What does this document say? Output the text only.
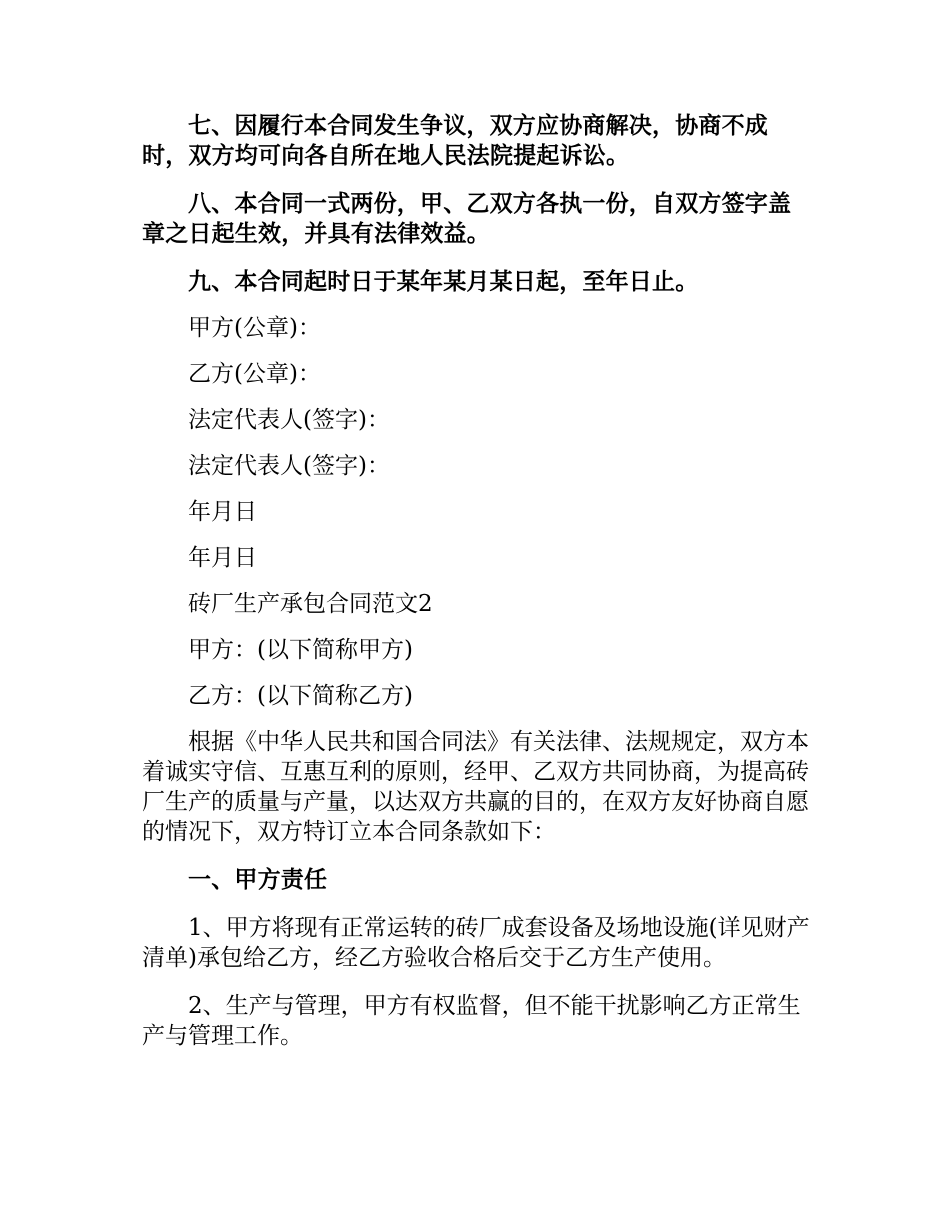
七、因履行本合同发生争议，双方应协商解决，协商不成时，双方均可向各自所在地人民法院提起诉讼。

八、本合同一式两份，甲、乙双方各执一份，自双方签字盖章之日起生效，并具有法律效益。

九、本合同起时日于某年某月某日起，至年日止。

甲方(公章)：

乙方(公章)：

法定代表人(签字)：

法定代表人(签字)：

年月日

年月日

砖厂生产承包合同范文2

甲方：(以下简称甲方)

乙方：(以下简称乙方)

根据《中华人民共和国合同法》有关法律、法规规定，双方本着诚实守信、互惠互利的原则，经甲、乙双方共同协商，为提高砖厂生产的质量与产量，以达双方共赢的目的，在双方友好协商自愿的情况下，双方特订立本合同条款如下：

一、甲方责任

1、甲方将现有正常运转的砖厂成套设备及场地设施(详见财产清单)承包给乙方，经乙方验收合格后交于乙方生产使用。

2、生产与管理，甲方有权监督，但不能干扰影响乙方正常生产与管理工作。
